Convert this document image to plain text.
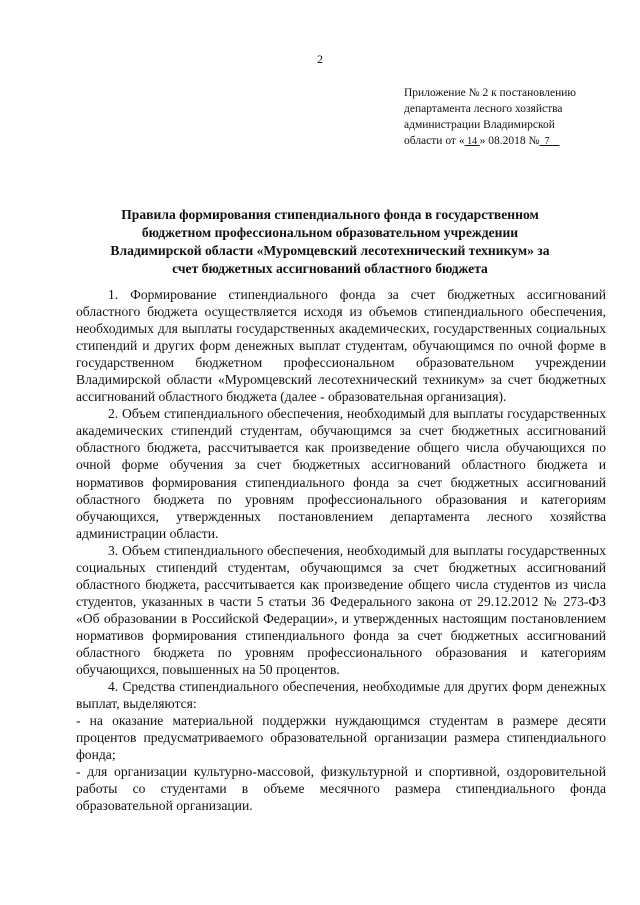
2
Приложение № 2 к постановлению
департамента лесного хозяйства
администрации Владимирской
области от « 14 » 08.2018 № 7
Правила формирования стипендиального фонда в государственном бюджетном профессиональном образовательном учреждении Владимирской области «Муромцевский лесотехнический техникум» за счет бюджетных ассигнований областного бюджета

1. Формирование стипендиального фонда за счет бюджетных ассигнований областного бюджета осуществляется исходя из объемов стипендиального обеспечения, необходимых для выплаты государственных академических, государственных социальных стипендий и других форм денежных выплат студентам, обучающимся по очной форме в государственном бюджетном профессиональном образовательном учреждении Владимирской области «Муромцевский лесотехнический техникум» за счет бюджетных ассигнований областного бюджета (далее - образовательная организация).

2. Объем стипендиального обеспечения, необходимый для выплаты государственных академических стипендий студентам, обучающимся за счет бюджетных ассигнований областного бюджета, рассчитывается как произведение общего числа обучающихся по очной форме обучения за счет бюджетных ассигнований областного бюджета и нормативов формирования стипендиального фонда за счет бюджетных ассигнований областного бюджета по уровням профессионального образования и категориям обучающихся, утвержденных постановлением департамента лесного хозяйства администрации области.

3. Объем стипендиального обеспечения, необходимый для выплаты государственных социальных стипендий студентам, обучающимся за счет бюджетных ассигнований областного бюджета, рассчитывается как произведение общего числа студентов из числа студентов, указанных в части 5 статьи 36 Федерального закона от 29.12.2012 № 273-ФЗ «Об образовании в Российской Федерации», и утвержденных настоящим постановлением нормативов формирования стипендиального фонда за счет бюджетных ассигнований областного бюджета по уровням профессионального образования и категориям обучающихся, повышенных на 50 процентов.

4. Средства стипендиального обеспечения, необходимые для других форм денежных выплат, выделяются:

- на оказание материальной поддержки нуждающимся студентам в размере десяти процентов предусматриваемого образовательной организации размера стипендиального фонда;

- для организации культурно-массовой, физкультурной и спортивной, оздоровительной работы со студентами в объеме месячного размера стипендиального фонда образовательной организации.
